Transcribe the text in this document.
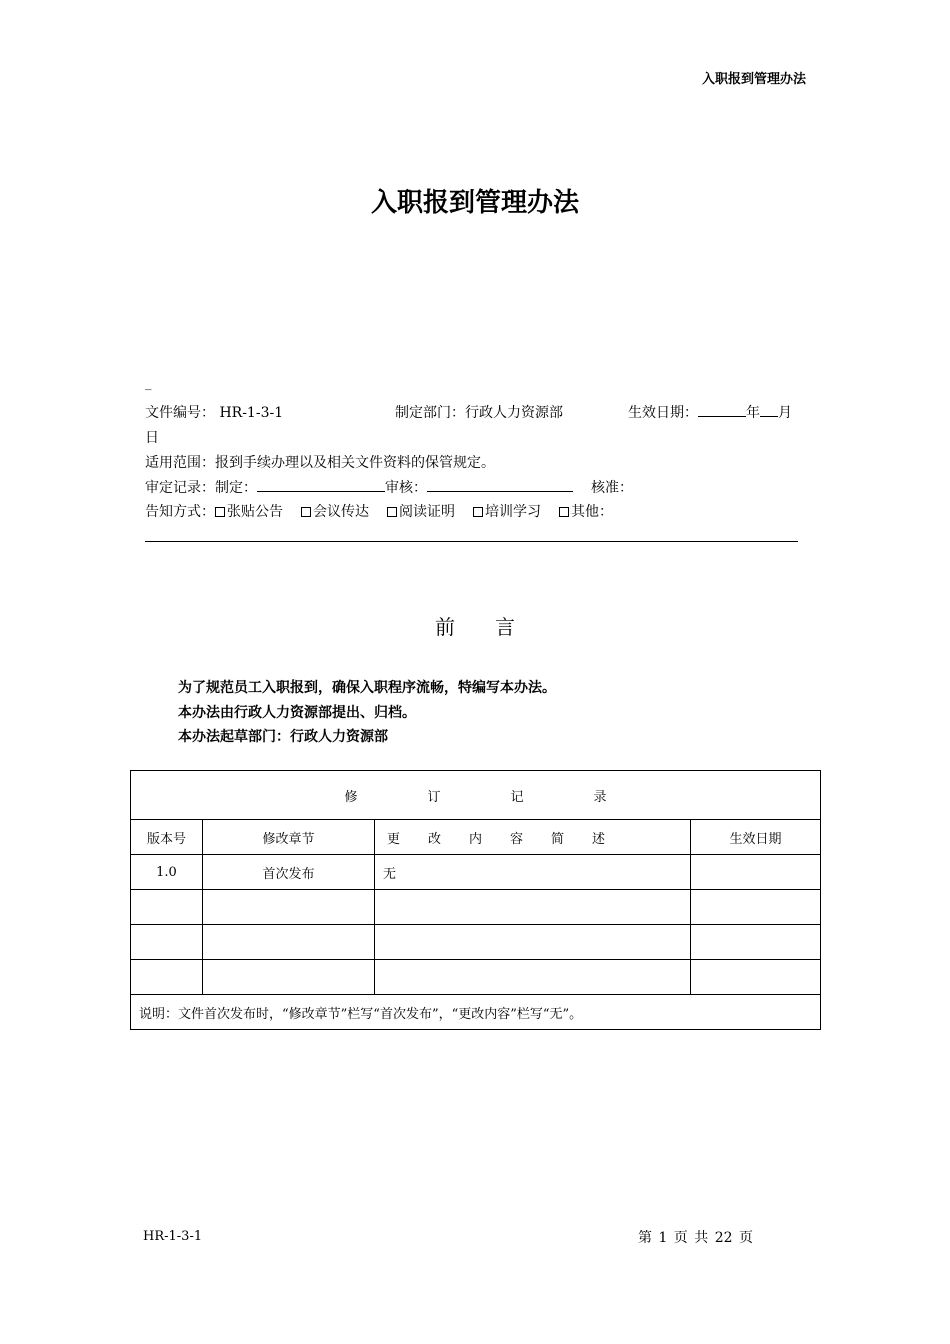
入职报到管理办法
入职报到管理办法
_
文件编号： HR-1-3-1	制定部门：行政人力资源部	生效日期：	年 月
日
适用范围：报到手续办理以及相关文件资料的保管规定。
审定记录：制定：	审核：	核准：
告知方式： 张贴公告 会议传达 阅读证明 培训学习 其他：
前言
为了规范员工入职报到，确保入职程序流畅，特编写本办法。
本办法由行政人力资源部提出、归档。
本办法起草部门：行政人力资源部
修订记录			
版本号	修改章节	更改内容简述	生效日期
1.0	首次发布	无	

说明：文件首次发布时，“修改章节”栏写“首次发布”，“更改内容”栏写“无”。			
HR-1-3-1	第 1 页 共 22 页
